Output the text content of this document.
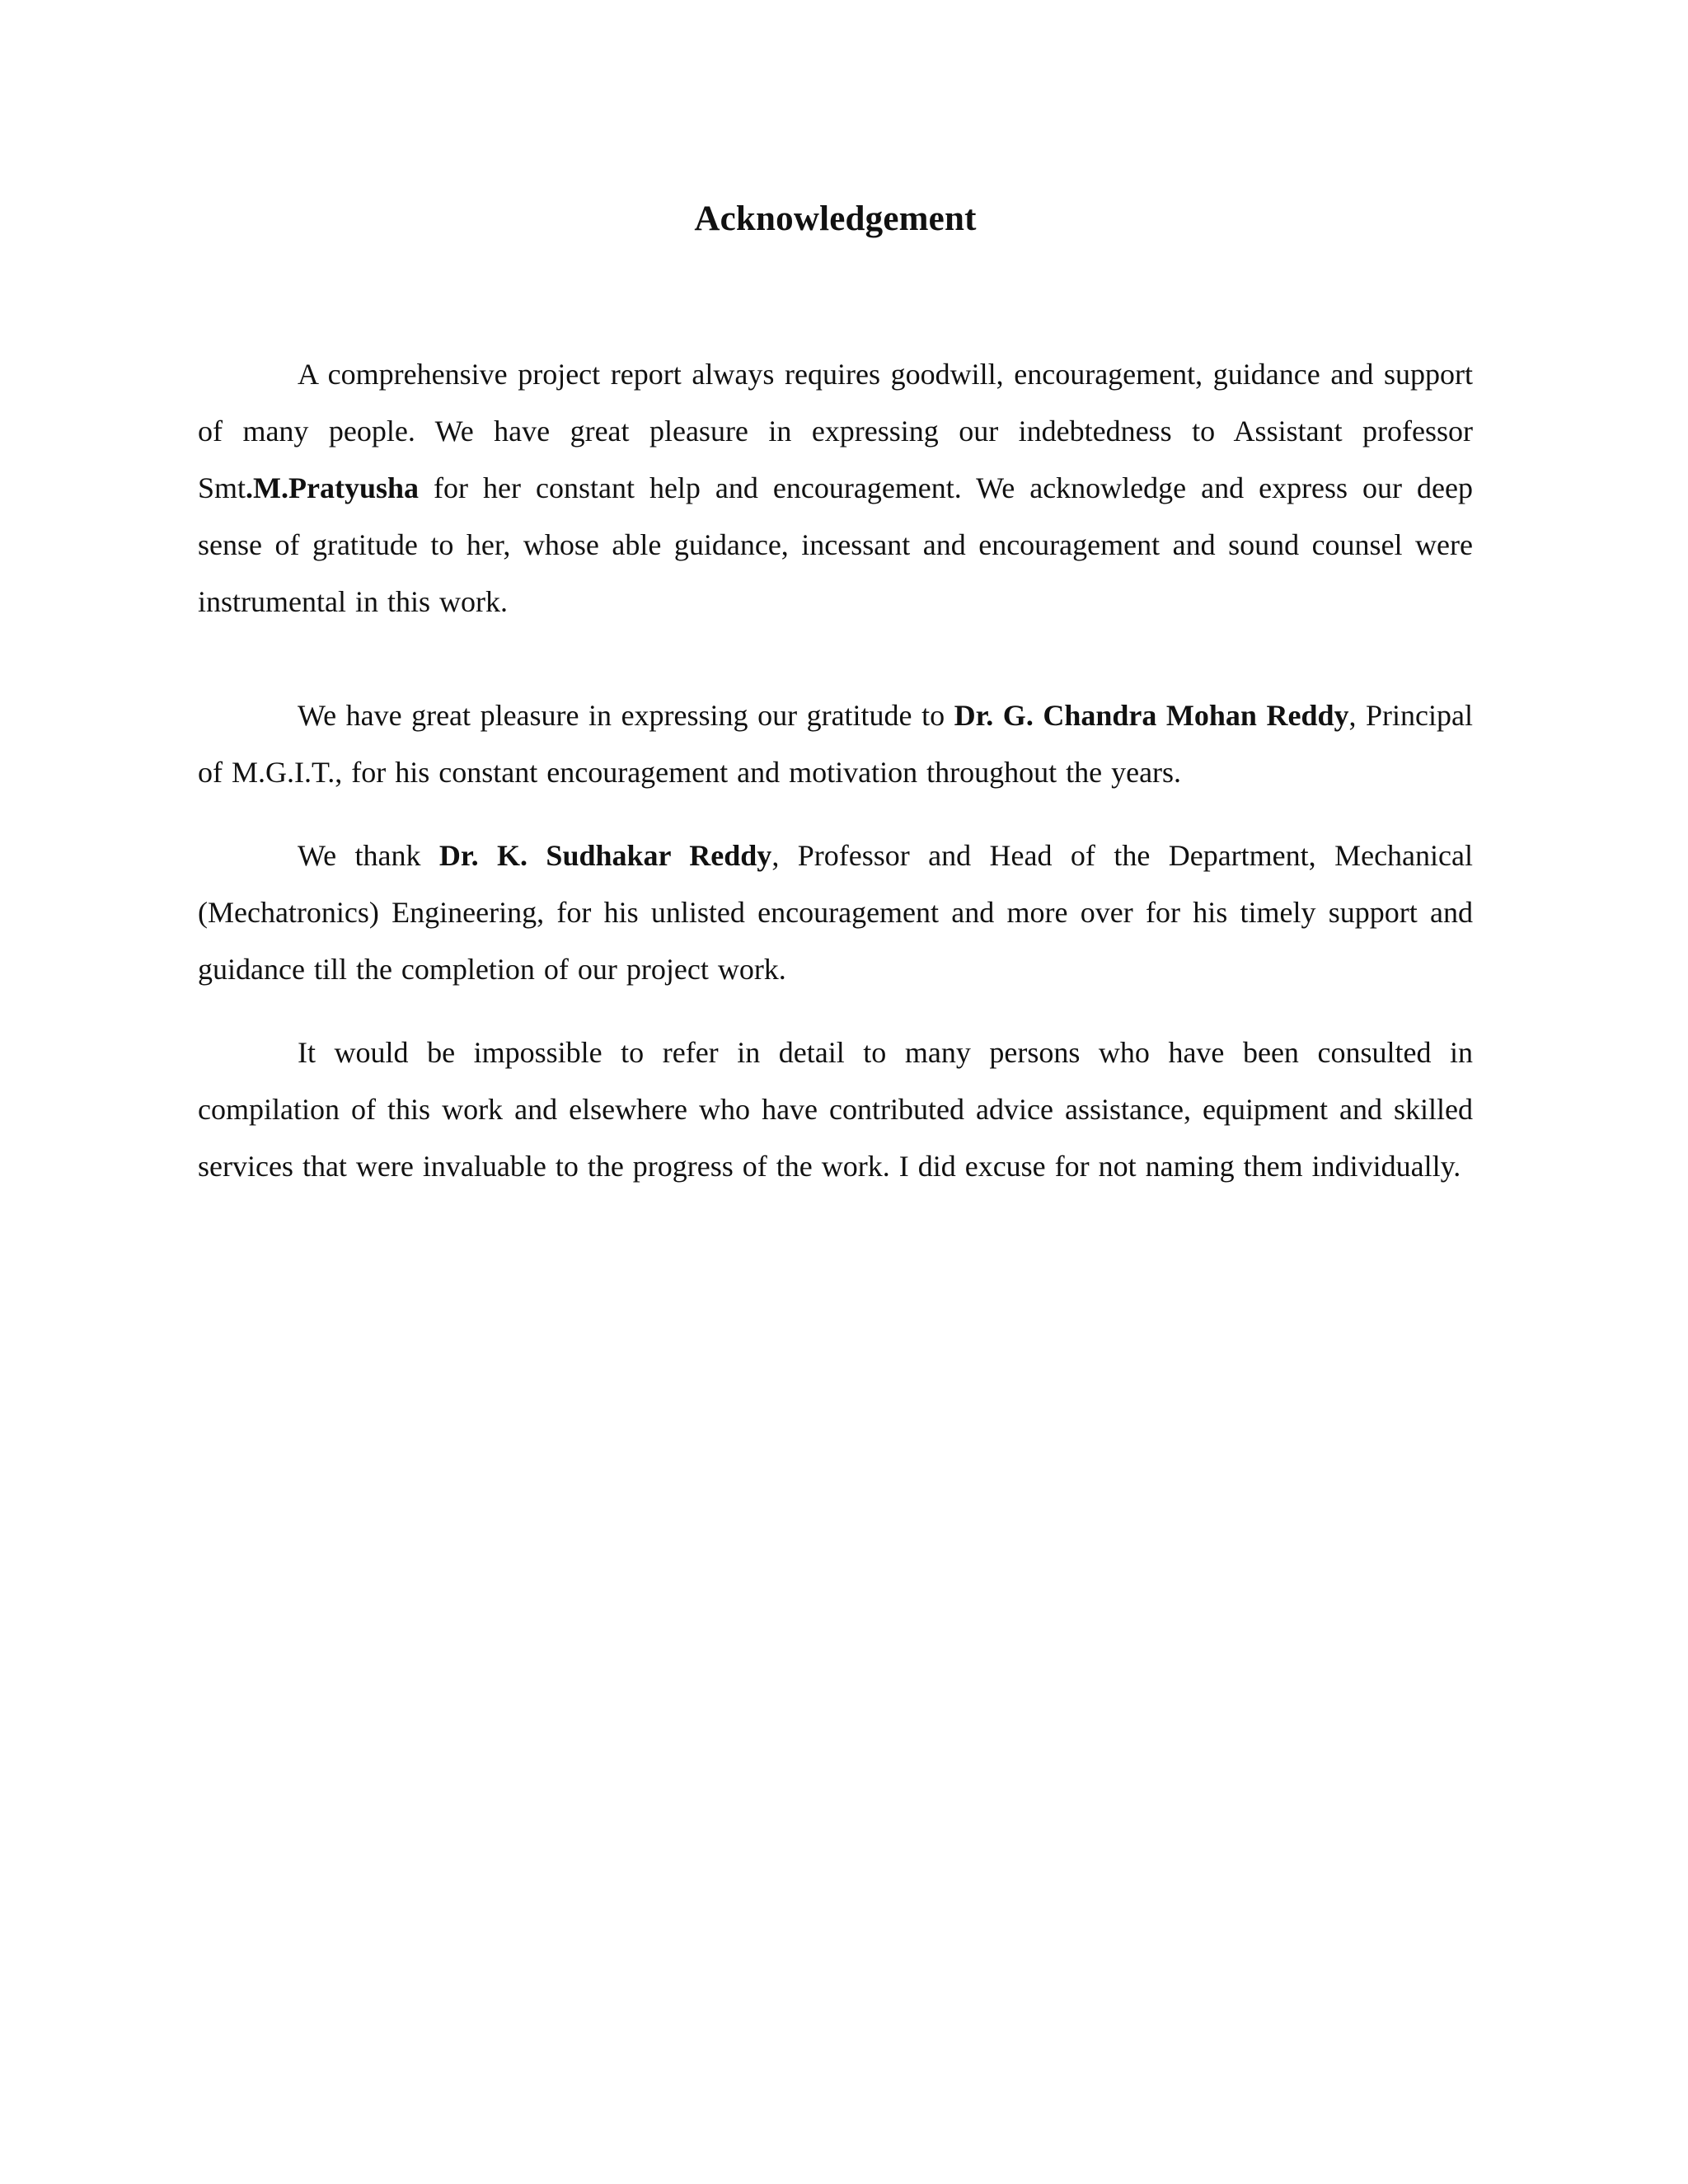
Acknowledgement

A comprehensive project report always requires goodwill, encouragement, guidance and support of many people. We have great pleasure in expressing our indebtedness to Assistant professor Smt.M.Pratyusha for her constant help and encouragement. We acknowledge and express our deep sense of gratitude to her, whose able guidance, incessant and encouragement and sound counsel were instrumental in this work.

We have great pleasure in expressing our gratitude to Dr. G. Chandra Mohan Reddy, Principal of M.G.I.T., for his constant encouragement and motivation throughout the years.

We thank Dr. K. Sudhakar Reddy, Professor and Head of the Department, Mechanical (Mechatronics) Engineering, for his unlisted encouragement and more over for his timely support and guidance till the completion of our project work.

It would be impossible to refer in detail to many persons who have been consulted in compilation of this work and elsewhere who have contributed advice assistance, equipment and skilled services that were invaluable to the progress of the work. I did excuse for not naming them individually.
